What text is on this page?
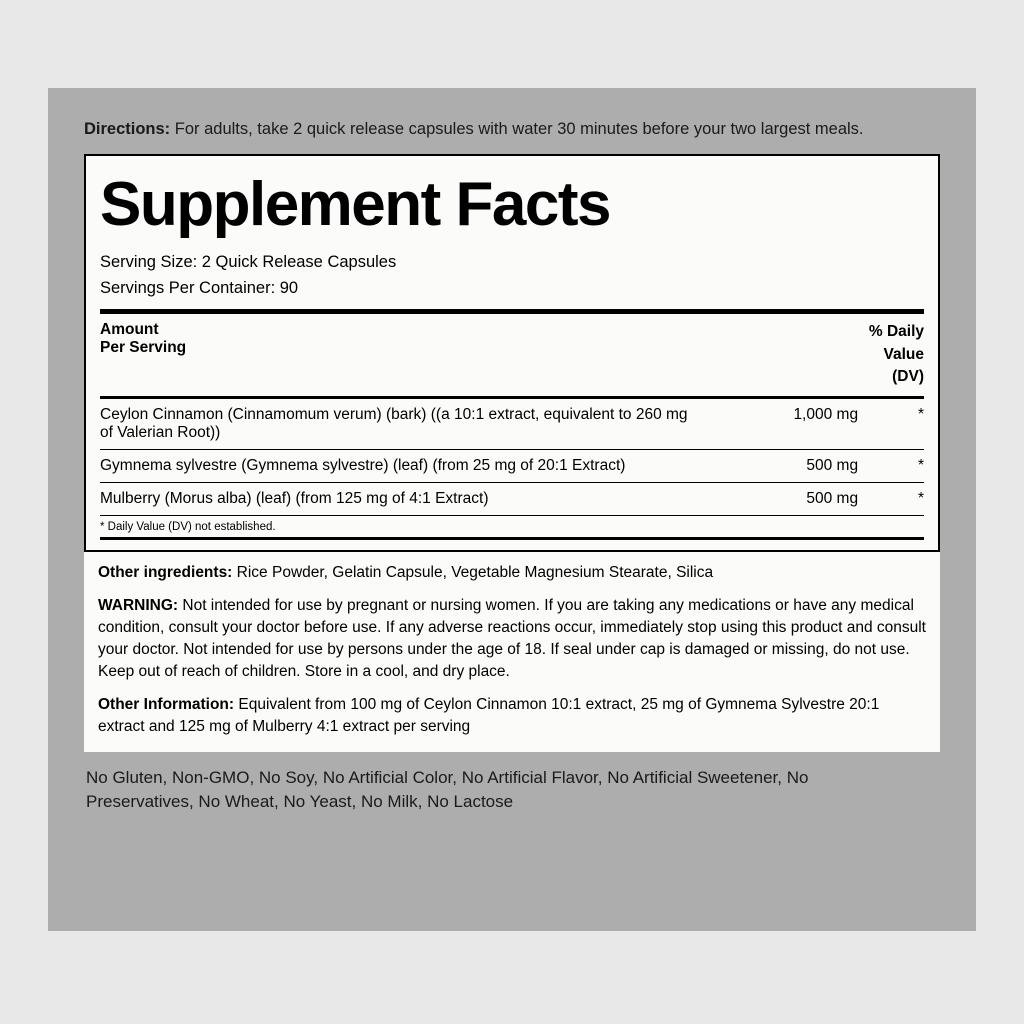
Directions: For adults, take 2 quick release capsules with water 30 minutes before your two largest meals.

Supplement Facts
Serving Size: 2 Quick Release Capsules
Servings Per Container: 90
Amount
Per Serving

% Daily
Value
(DV)
Ceylon Cinnamon (Cinnamomum verum) (bark) ((a 10:1 extract, equivalent to 260 mg of Valerian Root))	1,000 mg	*
Gymnema sylvestre (Gymnema sylvestre) (leaf) (from 25 mg of 20:1 Extract)	500 mg	*
Mulberry (Morus alba) (leaf) (from 125 mg of 4:1 Extract)	500 mg	*
* Daily Value (DV) not established.

Other ingredients: Rice Powder, Gelatin Capsule, Vegetable Magnesium Stearate, Silica

WARNING: Not intended for use by pregnant or nursing women. If you are taking any medications or have any medical condition, consult your doctor before use. If any adverse reactions occur, immediately stop using this product and consult your doctor. Not intended for use by persons under the age of 18. If seal under cap is damaged or missing, do not use. Keep out of reach of children. Store in a cool, and dry place.

Other Information: Equivalent from 100 mg of Ceylon Cinnamon 10:1 extract, 25 mg of Gymnema Sylvestre 20:1 extract and 125 mg of Mulberry 4:1 extract per serving

No Gluten, Non-GMO, No Soy, No Artificial Color, No Artificial Flavor, No Artificial Sweetener, No Preservatives, No Wheat, No Yeast, No Milk, No Lactose
